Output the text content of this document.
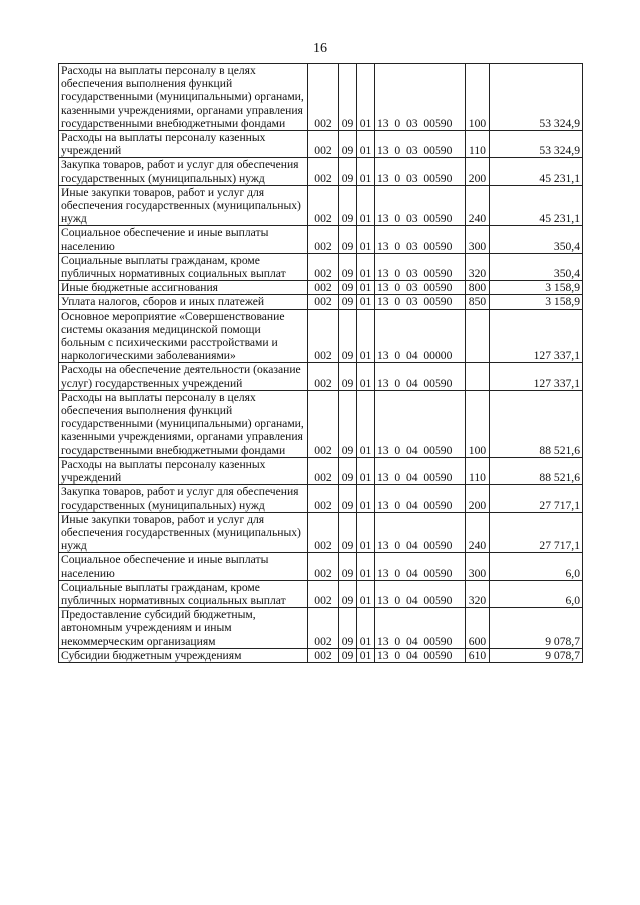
16
Расходы на выплаты персоналу в целях обеспечения выполнения функций государственными (муниципальными) органами, казенными учреждениями, органами управления государственными внебюджетными фондами	002	09	01	13  0  03  00590	100	53 324,9
Расходы на выплаты персоналу казенных учреждений	002	09	01	13  0  03  00590	110	53 324,9
Закупка товаров, работ и услуг для обеспечения государственных (муниципальных) нужд	002	09	01	13  0  03  00590	200	45 231,1
Иные закупки товаров, работ и услуг для обеспечения государственных (муниципальных) нужд	002	09	01	13  0  03  00590	240	45 231,1
Социальное обеспечение и иные выплаты населению	002	09	01	13  0  03  00590	300	350,4
Социальные выплаты гражданам, кроме публичных нормативных социальных выплат	002	09	01	13  0  03  00590	320	350,4
Иные бюджетные ассигнования	002	09	01	13  0  03  00590	800	3 158,9
Уплата налогов, сборов и иных платежей	002	09	01	13  0  03  00590	850	3 158,9
Основное мероприятие «Совершенствование системы оказания медицинской помощи больным с психическими расстройствами и наркологическими заболеваниями»	002	09	01	13  0  04  00000		127 337,1
Расходы на обеспечение деятельности (оказание услуг) государственных учреждений	002	09	01	13  0  04  00590		127 337,1
Расходы на выплаты персоналу в целях обеспечения выполнения функций государственными (муниципальными) органами, казенными учреждениями, органами управления государственными внебюджетными фондами	002	09	01	13  0  04  00590	100	88 521,6
Расходы на выплаты персоналу казенных учреждений	002	09	01	13  0  04  00590	110	88 521,6
Закупка товаров, работ и услуг для обеспечения государственных (муниципальных) нужд	002	09	01	13  0  04  00590	200	27 717,1
Иные закупки товаров, работ и услуг для обеспечения государственных (муниципальных) нужд	002	09	01	13  0  04  00590	240	27 717,1
Социальное обеспечение и иные выплаты населению	002	09	01	13  0  04  00590	300	6,0
Социальные выплаты гражданам, кроме публичных нормативных социальных выплат	002	09	01	13  0  04  00590	320	6,0
Предоставление субсидий бюджетным, автономным учреждениям и иным некоммерческим организациям	002	09	01	13  0  04  00590	600	9 078,7
Субсидии бюджетным учреждениям	002	09	01	13  0  04  00590	610	9 078,7
